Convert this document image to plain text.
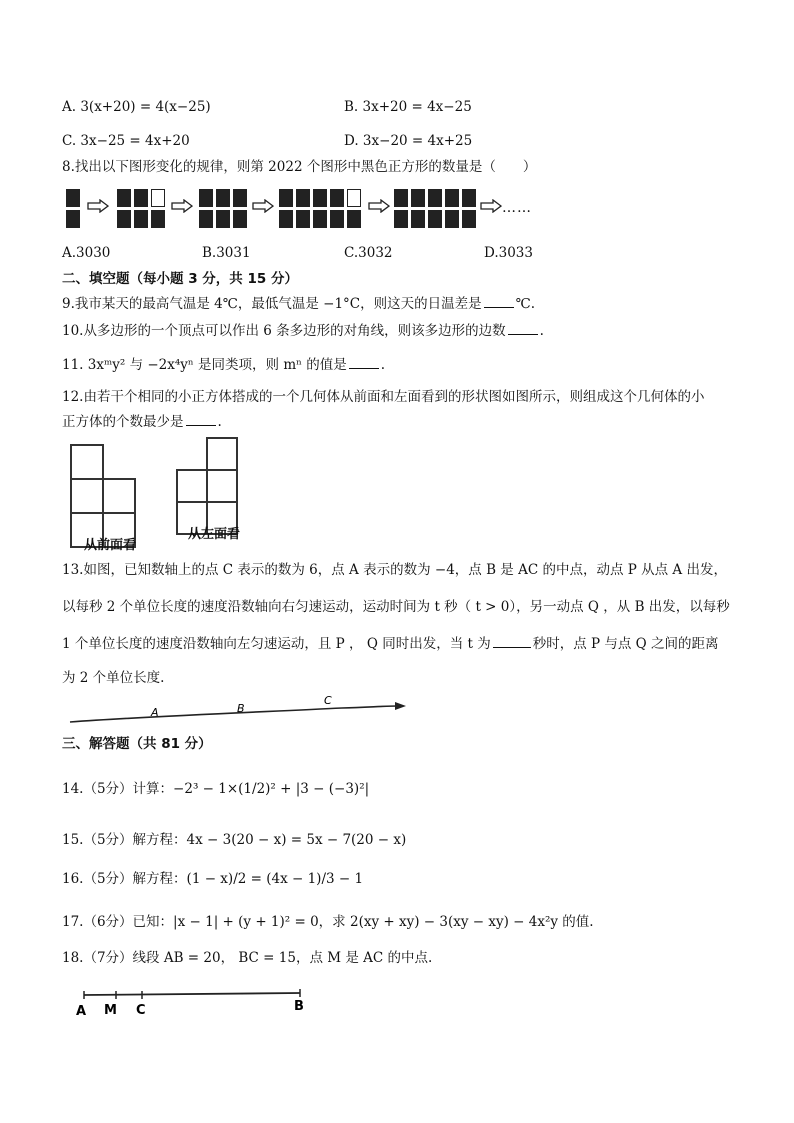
A. 3(x+20) = 4(x−25)	B. 3x+20 = 4x−25
C. 3x−25 = 4x+20	D. 3x−20 = 4x+25
8.找出以下图形变化的规律，则第 2022 个图形中黑色正方形的数量是（　　）
……
A.3030	B.3031	C.3032	D.3033
二、填空题（每小题 3 分，共 15 分）
9.我市某天的最高气温是 4℃，最低气温是 −1°C，则这天的日温差是	℃.
10.从多边形的一个顶点可以作出 6 条多边形的对角线，则该多边形的边数	.
11. 3xᵐy² 与 −2x⁴yⁿ 是同类项，则 mⁿ 的值是	.
12.由若干个相同的小正方体搭成的一个几何体从前面和左面看到的形状图如图所示，则组成这个几何体的小
正方体的个数最少是	.
从前面看
从左面看
13.如图，已知数轴上的点 C 表示的数为 6，点 A 表示的数为 −4，点 B 是 AC 的中点，动点 P 从点 A 出发，
以每秒 2 个单位长度的速度沿数轴向右匀速运动，运动时间为 t 秒（ t > 0），另一动点 Q ，从 B 出发，以每秒
1 个单位长度的速度沿数轴向左匀速运动，且 P ， Q 同时出发，当 t 为	秒时，点 P 与点 Q 之间的距离
为 2 个单位长度.
A	B
C
三、解答题（共 81 分）
14.（5分）计算：−2³ − 1×(1/2)² + |3 − (−3)²|
15.（5分）解方程：4x − 3(20 − x) = 5x − 7(20 − x)
16.（5分）解方程：(1 − x)/2 = (4x − 1)/3 − 1
17.（6分）已知：|x − 1| + (y + 1)² = 0，求 2(xy + xy) − 3(xy − xy) − 4x²y 的值.
18.（7分）线段 AB = 20， BC = 15，点 M 是 AC 的中点.
A M C	B
